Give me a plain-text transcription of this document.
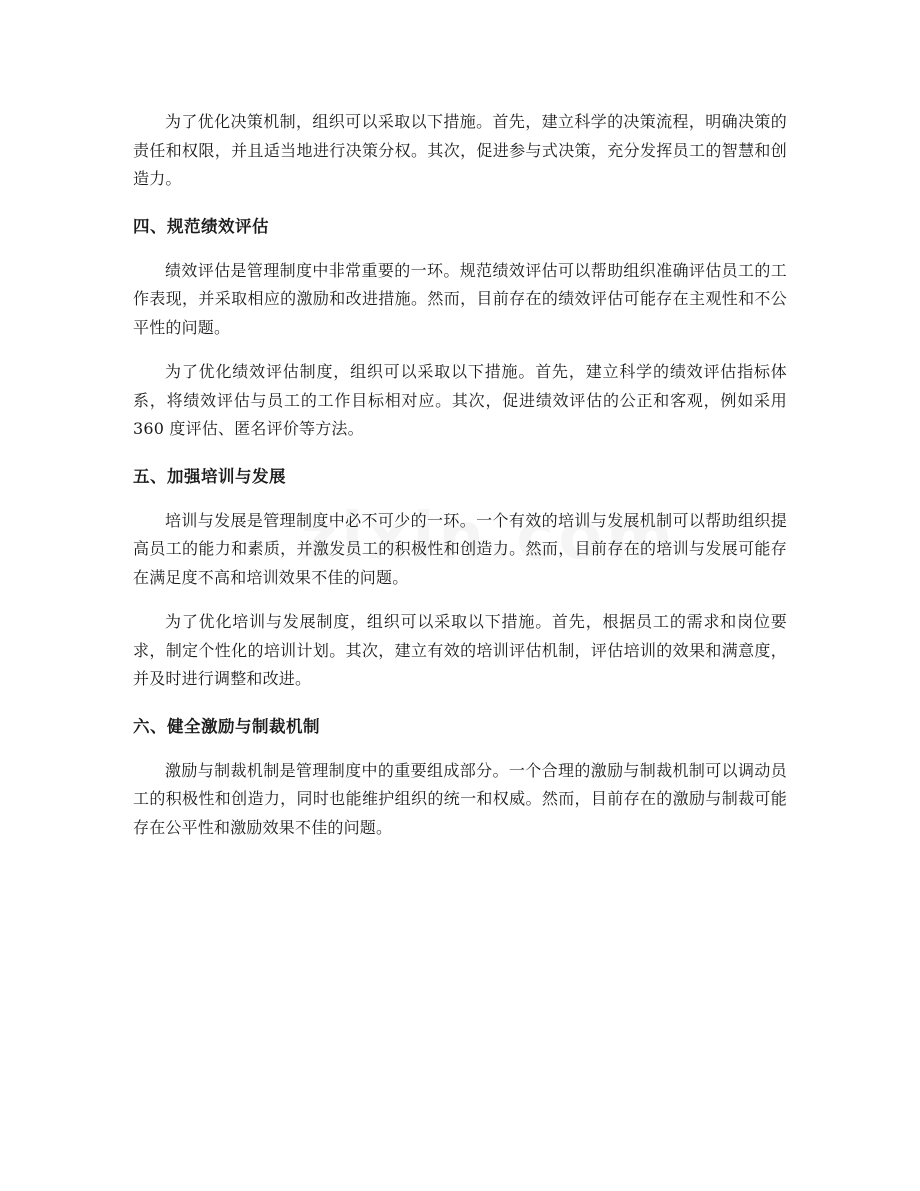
为了优化决策机制，组织可以采取以下措施。首先，建立科学的决策流程，明确决策的责任和权限，并且适当地进行决策分权。其次，促进参与式决策，充分发挥员工的智慧和创造力。

四、规范绩效评估

绩效评估是管理制度中非常重要的一环。规范绩效评估可以帮助组织准确评估员工的工作表现，并采取相应的激励和改进措施。然而，目前存在的绩效评估可能存在主观性和不公平性的问题。

为了优化绩效评估制度，组织可以采取以下措施。首先，建立科学的绩效评估指标体系，将绩效评估与员工的工作目标相对应。其次，促进绩效评估的公正和客观，例如采用 360 度评估、匿名评价等方法。

五、加强培训与发展

培训与发展是管理制度中必不可少的一环。一个有效的培训与发展机制可以帮助组织提高员工的能力和素质，并激发员工的积极性和创造力。然而，目前存在的培训与发展可能存在满足度不高和培训效果不佳的问题。

为了优化培训与发展制度，组织可以采取以下措施。首先，根据员工的需求和岗位要求，制定个性化的培训计划。其次，建立有效的培训评估机制，评估培训的效果和满意度，并及时进行调整和改进。

六、健全激励与制裁机制

激励与制裁机制是管理制度中的重要组成部分。一个合理的激励与制裁机制可以调动员工的积极性和创造力，同时也能维护组织的统一和权威。然而，目前存在的激励与制裁可能存在公平性和激励效果不佳的问题。
